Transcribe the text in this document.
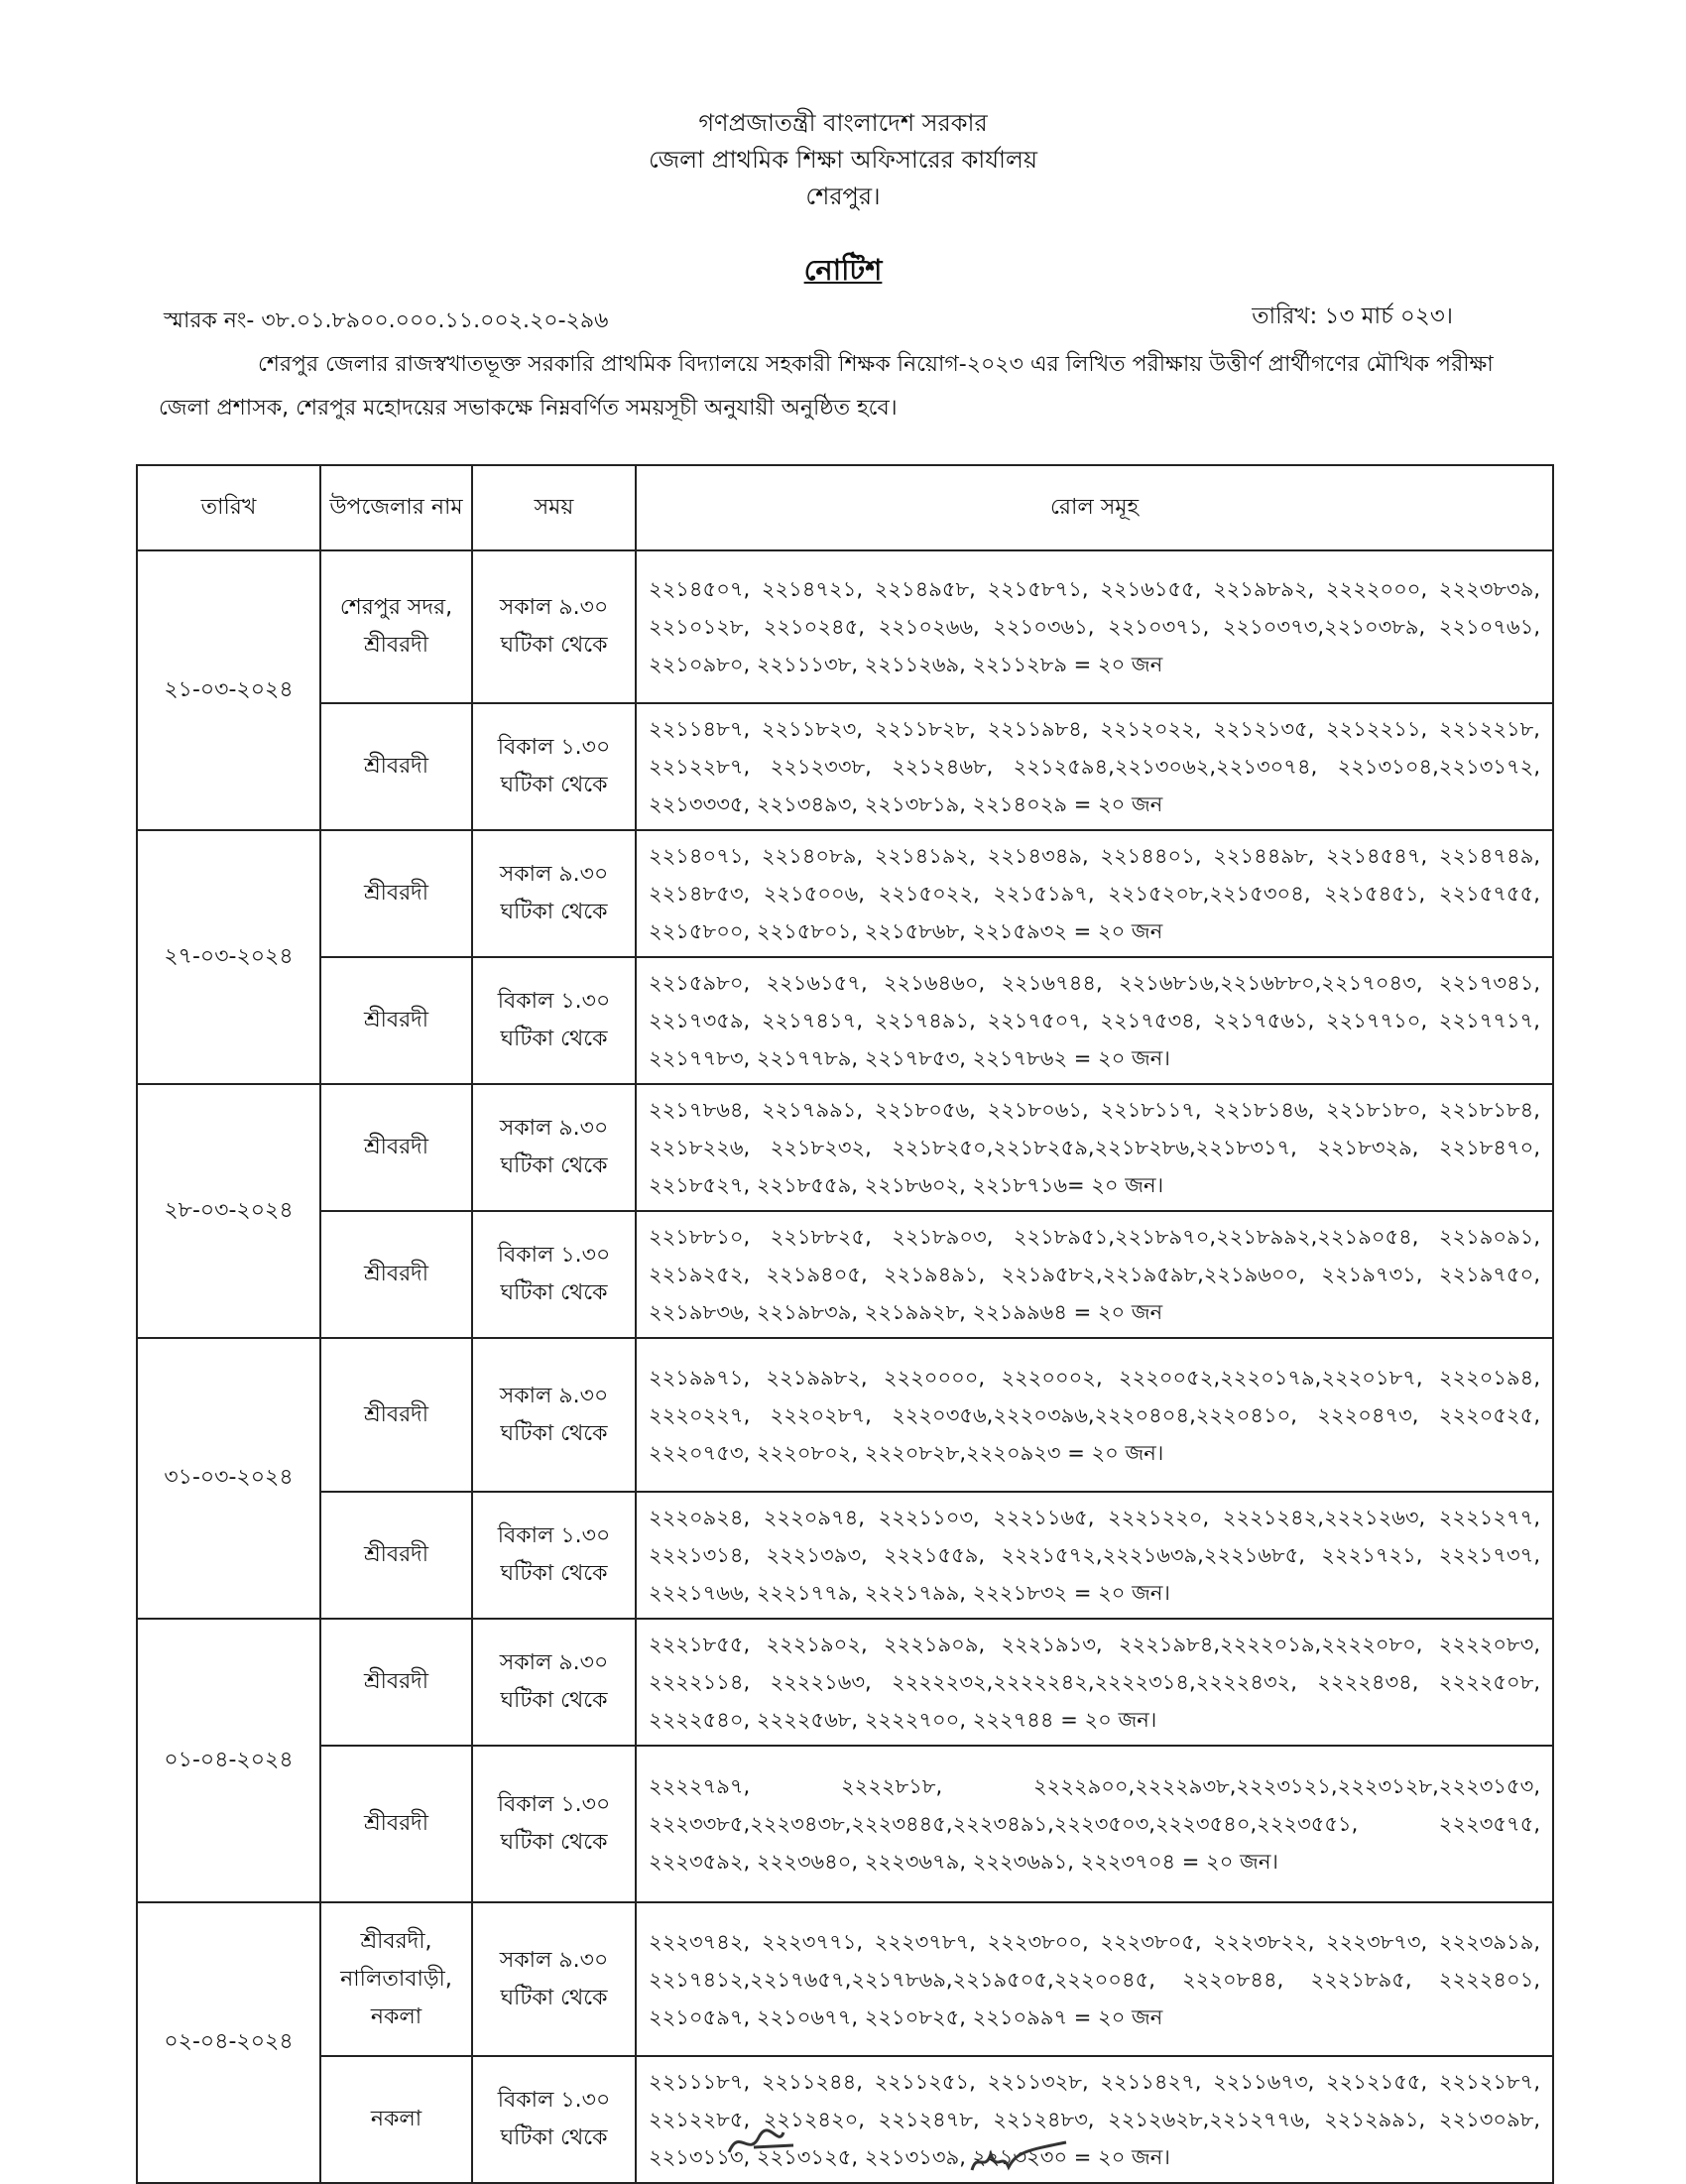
গণপ্রজাতন্ত্রী বাংলাদেশ সরকার
জেলা প্রাথমিক শিক্ষা অফিসারের কার্যালয়
শেরপুর।
নোটিশ
স্মারক নং- ৩৮.০১.৮৯০০.০০০.১১.০০২.২০-২৯৬	তারিখ: ১৩ মার্চ ০২৩।
শেরপুর জেলার রাজস্বখাতভূক্ত সরকারি প্রাথমিক বিদ্যালয়ে সহকারী শিক্ষক নিয়োগ-২০২৩ এর লিখিত পরীক্ষায় উত্তীর্ণ প্রার্থীগণের মৌখিক পরীক্ষা জেলা প্রশাসক, শেরপুর মহোদয়ের সভাকক্ষে নিম্নবর্ণিত সময়সূচী অনুযায়ী অনুষ্ঠিত হবে।
তারিখ	উপজেলার নাম	সময়	রোল সমূহ
২১-০৩-২০২৪	শেরপুর সদর, শ্রীবরদী	সকাল ৯.৩০ ঘটিকা থেকে	২২১৪৫০৭, ২২১৪৭২১, ২২১৪৯৫৮, ২২১৫৮৭১, ২২১৬১৫৫, ২২১৯৮৯২, ২২২২০০০, ২২২৩৮৩৯, ২২১০১২৮, ২২১০২৪৫, ২২১০২৬৬, ২২১০৩৬১, ২২১০৩৭১, ২২১০৩৭৩,২২১০৩৮৯, ২২১০৭৬১, ২২১০৯৮০, ২২১১১৩৮, ২২১১২৬৯, ২২১১২৮৯ = ২০ জন
	শ্রীবরদী	বিকাল ১.৩০ ঘটিকা থেকে	২২১১৪৮৭, ২২১১৮২৩, ২২১১৮২৮, ২২১১৯৮৪, ২২১২০২২, ২২১২১৩৫, ২২১২২১১, ২২১২২১৮, ২২১২২৮৭, ২২১২৩৩৮, ২২১২৪৬৮, ২২১২৫৯৪,২২১৩০৬২,২২১৩০৭৪, ২২১৩১০৪,২২১৩১৭২, ২২১৩৩৩৫, ২২১৩৪৯৩, ২২১৩৮১৯, ২২১৪০২৯ = ২০ জন
২৭-০৩-২০২৪	শ্রীবরদী	সকাল ৯.৩০ ঘটিকা থেকে	২২১৪০৭১, ২২১৪০৮৯, ২২১৪১৯২, ২২১৪৩৪৯, ২২১৪৪০১, ২২১৪৪৯৮, ২২১৪৫৪৭, ২২১৪৭৪৯, ২২১৪৮৫৩, ২২১৫০০৬, ২২১৫০২২, ২২১৫১৯৭, ২২১৫২০৮,২২১৫৩০৪, ২২১৫৪৫১, ২২১৫৭৫৫, ২২১৫৮০০, ২২১৫৮০১, ২২১৫৮৬৮, ২২১৫৯৩২ = ২০ জন
	শ্রীবরদী	বিকাল ১.৩০ ঘটিকা থেকে	২২১৫৯৮০, ২২১৬১৫৭, ২২১৬৪৬০, ২২১৬৭৪৪, ২২১৬৮১৬,২২১৬৮৮০,২২১৭০৪৩, ২২১৭৩৪১, ২২১৭৩৫৯, ২২১৭৪১৭, ২২১৭৪৯১, ২২১৭৫০৭, ২২১৭৫৩৪, ২২১৭৫৬১, ২২১৭৭১০, ২২১৭৭১৭, ২২১৭৭৮৩, ২২১৭৭৮৯, ২২১৭৮৫৩, ২২১৭৮৬২ = ২০ জন।
২৮-০৩-২০২৪	শ্রীবরদী	সকাল ৯.৩০ ঘটিকা থেকে	২২১৭৮৬৪, ২২১৭৯৯১, ২২১৮০৫৬, ২২১৮০৬১, ২২১৮১১৭, ২২১৮১৪৬, ২২১৮১৮০, ২২১৮১৮৪, ২২১৮২২৬, ২২১৮২৩২, ২২১৮২৫০,২২১৮২৫৯,২২১৮২৮৬,২২১৮৩১৭, ২২১৮৩২৯, ২২১৮৪৭০, ২২১৮৫২৭, ২২১৮৫৫৯, ২২১৮৬০২, ২২১৮৭১৬= ২০ জন।
	শ্রীবরদী	বিকাল ১.৩০ ঘটিকা থেকে	২২১৮৮১০, ২২১৮৮২৫, ২২১৮৯০৩, ২২১৮৯৫১,২২১৮৯৭০,২২১৮৯৯২,২২১৯০৫৪, ২২১৯০৯১, ২২১৯২৫২, ২২১৯৪০৫, ২২১৯৪৯১, ২২১৯৫৮২,২২১৯৫৯৮,২২১৯৬০০, ২২১৯৭৩১, ২২১৯৭৫০, ২২১৯৮৩৬, ২২১৯৮৩৯, ২২১৯৯২৮, ২২১৯৯৬৪ = ২০ জন
৩১-০৩-২০২৪	শ্রীবরদী	সকাল ৯.৩০ ঘটিকা থেকে	২২১৯৯৭১, ২২১৯৯৮২, ২২২০০০০, ২২২০০০২, ২২২০০৫২,২২২০১৭৯,২২২০১৮৭, ২২২০১৯৪, ২২২০২২৭, ২২২০২৮৭, ২২২০৩৫৬,২২২০৩৯৬,২২২০৪০৪,২২২০৪১০, ২২২০৪৭৩, ২২২০৫২৫, ২২২০৭৫৩, ২২২০৮০২, ২২২০৮২৮,২২২০৯২৩ = ২০ জন।
	শ্রীবরদী	বিকাল ১.৩০ ঘটিকা থেকে	২২২০৯২৪, ২২২০৯৭৪, ২২২১১০৩, ২২২১১৬৫, ২২২১২২০, ২২২১২৪২,২২২১২৬৩, ২২২১২৭৭, ২২২১৩১৪, ২২২১৩৯৩, ২২২১৫৫৯, ২২২১৫৭২,২২২১৬৩৯,২২২১৬৮৫, ২২২১৭২১, ২২২১৭৩৭, ২২২১৭৬৬, ২২২১৭৭৯, ২২২১৭৯৯, ২২২১৮৩২ = ২০ জন।
০১-০৪-২০২৪	শ্রীবরদী	সকাল ৯.৩০ ঘটিকা থেকে	২২২১৮৫৫, ২২২১৯০২, ২২২১৯০৯, ২২২১৯১৩, ২২২১৯৮৪,২২২২০১৯,২২২২০৮০, ২২২২০৮৩, ২২২২১১৪, ২২২২১৬৩, ২২২২২৩২,২২২২২৪২,২২২২৩১৪,২২২২৪৩২, ২২২২৪৩৪, ২২২২৫০৮, ২২২২৫৪০, ২২২২৫৬৮, ২২২২৭০০, ২২২৭৪৪ = ২০ জন।
	শ্রীবরদী	বিকাল ১.৩০ ঘটিকা থেকে	২২২২৭৯৭, ২২২২৮১৮, ২২২২৯০০,২২২২৯৩৮,২২২৩১২১,২২২৩১২৮,২২২৩১৫৩, ২২২৩৩৮৫,২২২৩৪৩৮,২২২৩৪৪৫,২২২৩৪৯১,২২২৩৫০৩,২২২৩৫৪০,২২২৩৫৫১, ২২২৩৫৭৫, ২২২৩৫৯২, ২২২৩৬৪০, ২২২৩৬৭৯, ২২২৩৬৯১, ২২২৩৭০৪ = ২০ জন।
০২-০৪-২০২৪	শ্রীবরদী, নালিতাবাড়ী, নকলা	সকাল ৯.৩০ ঘটিকা থেকে	২২২৩৭৪২, ২২২৩৭৭১, ২২২৩৭৮৭, ২২২৩৮০০, ২২২৩৮০৫, ২২২৩৮২২, ২২২৩৮৭৩, ২২২৩৯১৯, ২২১৭৪১২,২২১৭৬৫৭,২২১৭৮৬৯,২২১৯৫০৫,২২২০০৪৫, ২২২০৮৪৪, ২২২১৮৯৫, ২২২২৪০১, ২২১০৫৯৭, ২২১০৬৭৭, ২২১০৮২৫, ২২১০৯৯৭ = ২০ জন
	নকলা	বিকাল ১.৩০ ঘটিকা থেকে	২২১১১৮৭, ২২১১২৪৪, ২২১১২৫১, ২২১১৩২৮, ২২১১৪২৭, ২২১১৬৭৩, ২২১২১৫৫, ২২১২১৮৭, ২২১২২৮৫, ২২১২৪২০, ২২১২৪৭৮, ২২১২৪৮৩, ২২১২৬২৮,২২১২৭৭৬, ২২১২৯৯১, ২২১৩০৯৮, ২২১৩১১৩, ২২১৩১২৫, ২২১৩১৩৯, ২২১৩২৩০ = ২০ জন।
